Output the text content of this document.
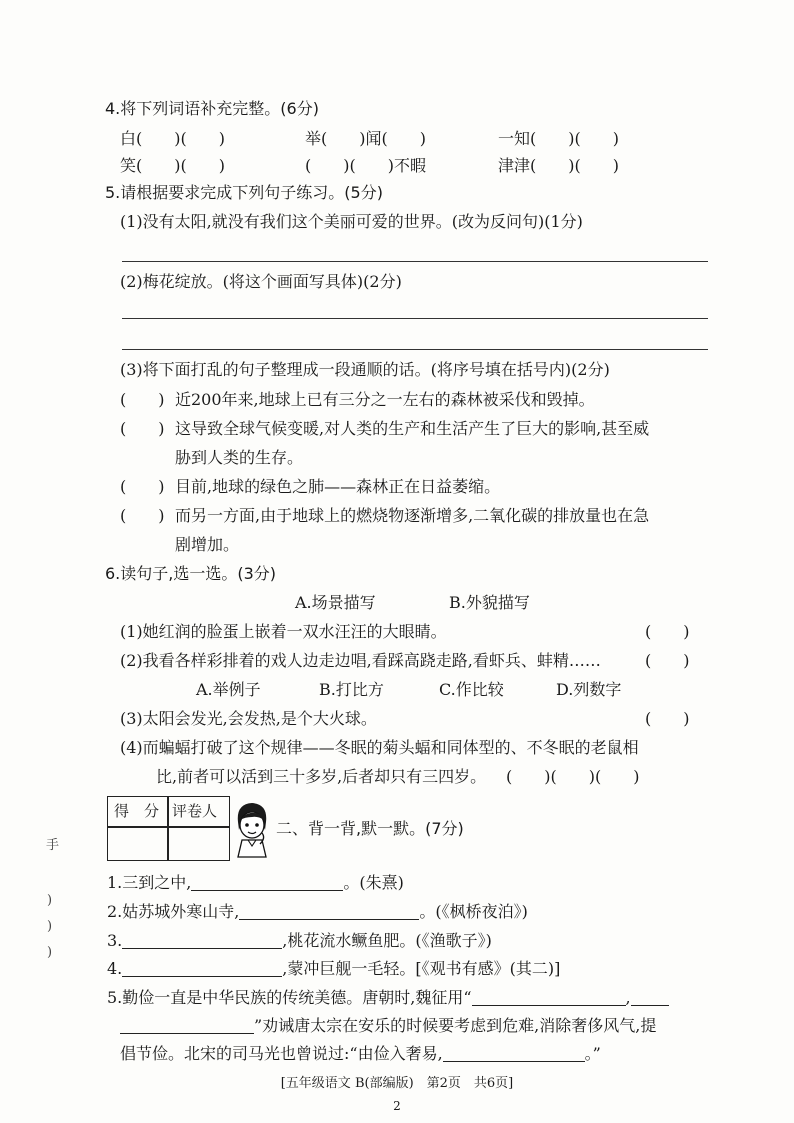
4.将下列词语补充完整。(6分)
白(　　)(　　)	举(　　)闻(　　)	一知(　　)(　　)
笑(　　)(　　)	(　　)(　　)不暇	津津(　　)(　　)
5.请根据要求完成下列句子练习。(5分)
(1)没有太阳,就没有我们这个美丽可爱的世界。(改为反问句)(1分)
(2)梅花绽放。(将这个画面写具体)(2分)
(3)将下面打乱的句子整理成一段通顺的话。(将序号填在括号内)(2分)
(　　) 近200年来,地球上已有三分之一左右的森林被采伐和毁掉。
(　　) 这导致全球气候变暖,对人类的生产和生活产生了巨大的影响,甚至威
胁到人类的生存。
(　　) 目前,地球的绿色之肺——森林正在日益萎缩。
(　　) 而另一方面,由于地球上的燃烧物逐渐增多,二氧化碳的排放量也在急
剧增加。
6.读句子,选一选。(3分)
A.场景描写	B.外貌描写
(1)她红润的脸蛋上嵌着一双水汪汪的大眼睛。	(　　)
(2)我看各样彩排着的戏人边走边唱,看踩高跷走路,看虾兵、蚌精……	(　　)
A.举例子	B.打比方	C.作比较	D.列数字
(3)太阳会发光,会发热,是个大火球。	(　　)
(4)而蝙蝠打破了这个规律——冬眠的菊头蝠和同体型的、不冬眠的老鼠相
比,前者可以活到三十多岁,后者却只有三四岁。 (　　)(　　)(　　)
得　分 评卷人
二、背一背,默一默。(7分)
1.三到之中,	。(朱熹)
2.姑苏城外寒山寺,	。(《枫桥夜泊》)
3.	,桃花流水鳜鱼肥。(《渔歌子》)
4.	,蒙冲巨舰一毛轻。[《观书有感》(其二)]
5.勤俭一直是中华民族的传统美德。唐朝时,魏征用“	,
”劝诫唐太宗在安乐的时候要考虑到危难,消除奢侈风气,提
倡节俭。北宋的司马光也曾说过:“由俭入奢易,	。”
[五年级语文 B(部编版)　第2页　共6页]
2
手
)
)
)
